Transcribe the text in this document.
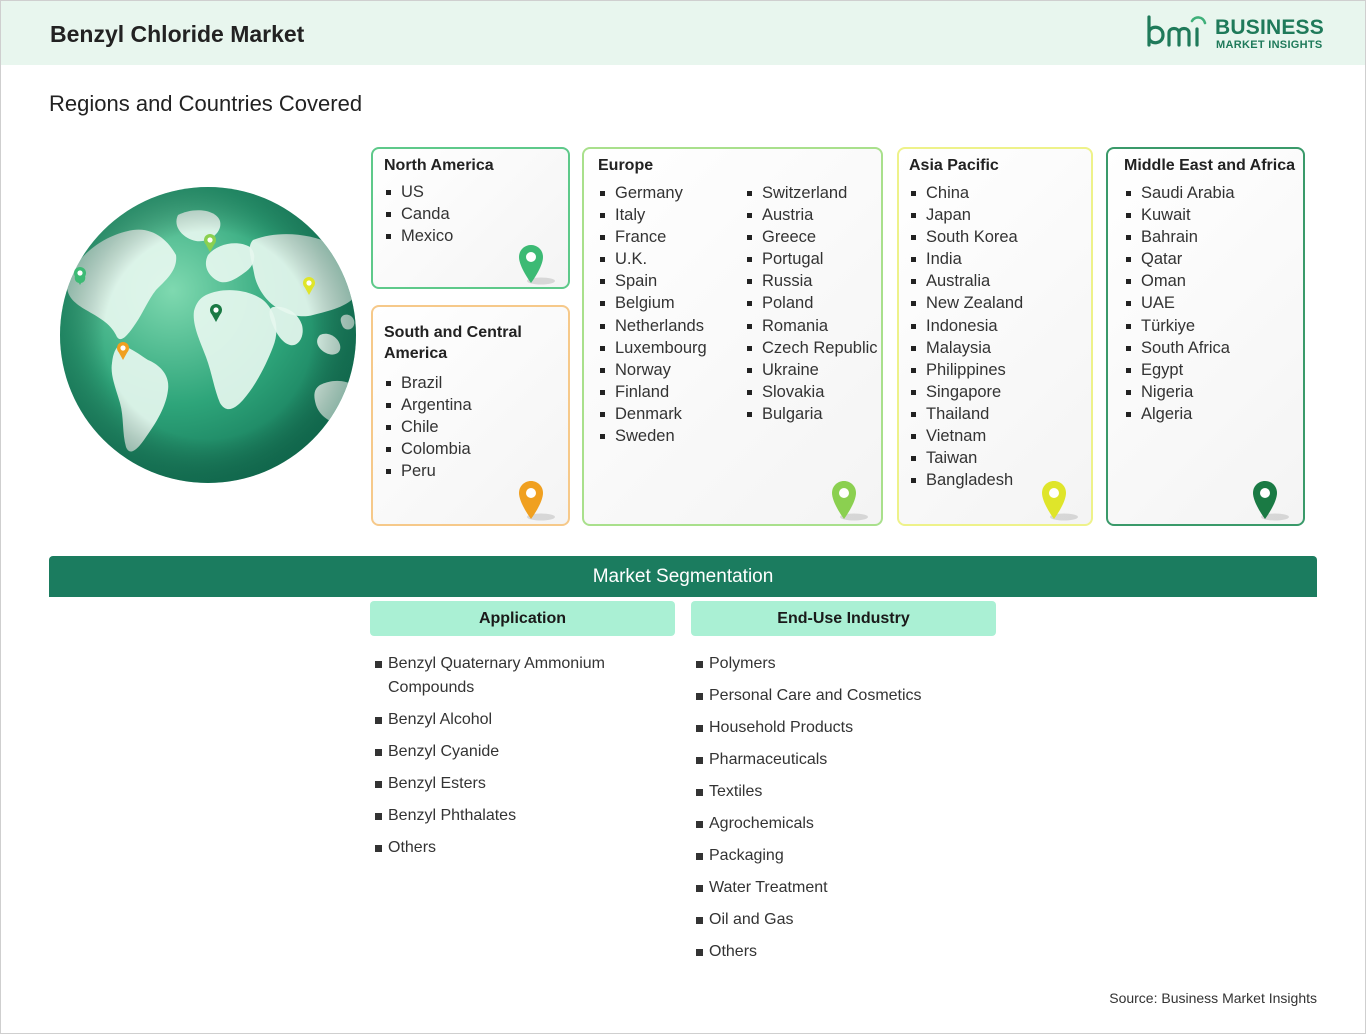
Benzyl Chloride Market	BUSINESS
MARKET INSIGHTS
Regions and Countries Covered
North America
US
Canda
Mexico
South and Central America
Brazil
Argentina
Chile
Colombia
Peru
Europe
Germany
Italy
France
U.K.
Spain
Belgium
Netherlands
Luxembourg
Norway
Finland
Denmark
Sweden
Switzerland
Austria
Greece
Portugal
Russia
Poland
Romania
Czech Republic
Ukraine
Slovakia
Bulgaria
Asia Pacific
China
Japan
South Korea
India
Australia
New Zealand
Indonesia
Malaysia
Philippines
Singapore
Thailand
Vietnam
Taiwan
Bangladesh
Middle East and Africa
Saudi Arabia
Kuwait
Bahrain
Qatar
Oman
UAE
Türkiye
South Africa
Egypt
Nigeria
Algeria
Market Segmentation
Application	End-Use Industry
Benzyl Quaternary Ammonium Compounds
Benzyl Alcohol
Benzyl Cyanide
Benzyl Esters
Benzyl Phthalates
Others
Polymers
Personal Care and Cosmetics
Household Products
Pharmaceuticals
Textiles
Agrochemicals
Packaging
Water Treatment
Oil and Gas
Others
Source: Business Market Insights
